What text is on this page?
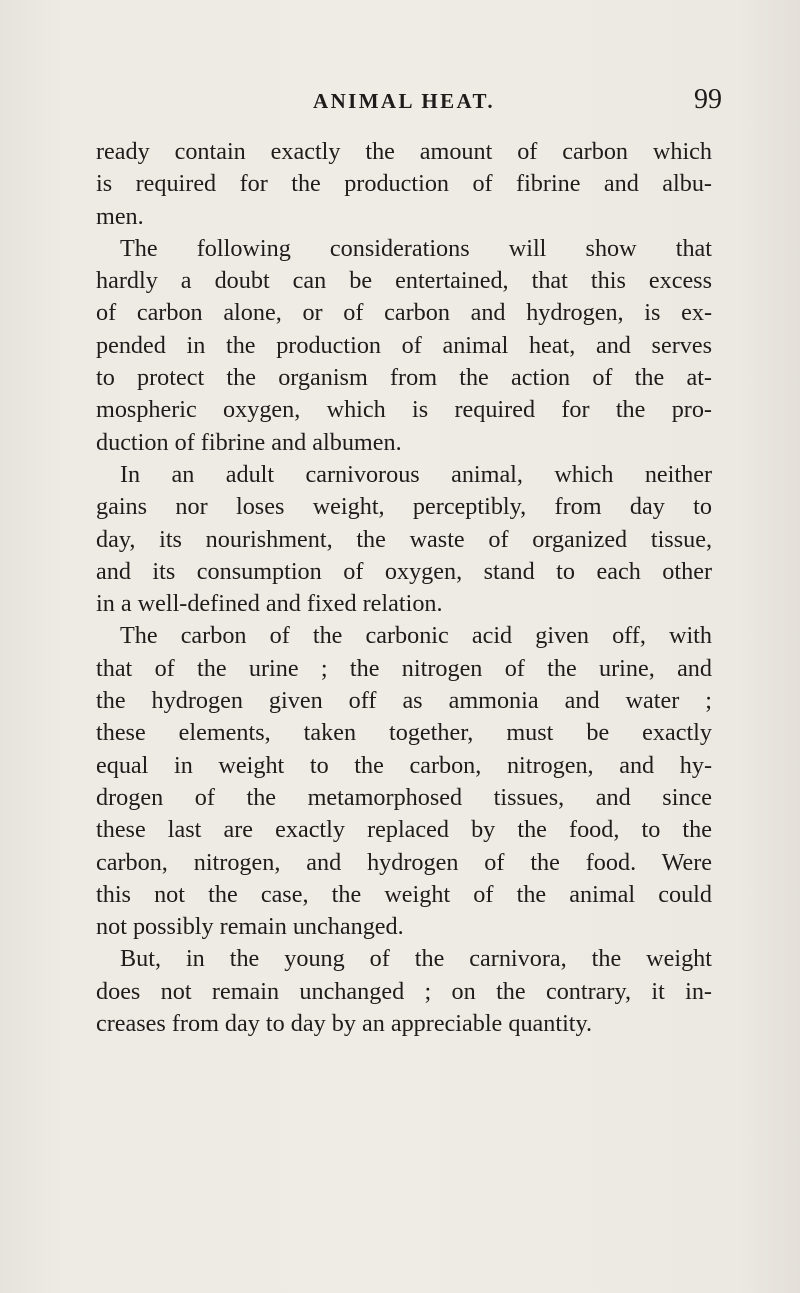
ANIMAL HEAT.	99
ready contain exactly the amount of carbon which
is required for the production of fibrine and albu-
men.
The following considerations will show that
hardly a doubt can be entertained, that this excess
of carbon alone, or of carbon and hydrogen, is ex-
pended in the production of animal heat, and serves
to protect the organism from the action of the at-
mospheric oxygen, which is required for the pro-
duction of fibrine and albumen.
In an adult carnivorous animal, which neither
gains nor loses weight, perceptibly, from day to
day, its nourishment, the waste of organized tissue,
and its consumption of oxygen, stand to each other
in a well-defined and fixed relation.
The carbon of the carbonic acid given off, with
that of the urine ; the nitrogen of the urine, and
the hydrogen given off as ammonia and water ;
these elements, taken together, must be exactly
equal in weight to the carbon, nitrogen, and hy-
drogen of the metamorphosed tissues, and since
these last are exactly replaced by the food, to the
carbon, nitrogen, and hydrogen of the food. Were
this not the case, the weight of the animal could
not possibly remain unchanged.
But, in the young of the carnivora, the weight
does not remain unchanged ; on the contrary, it in-
creases from day to day by an appreciable quantity.
